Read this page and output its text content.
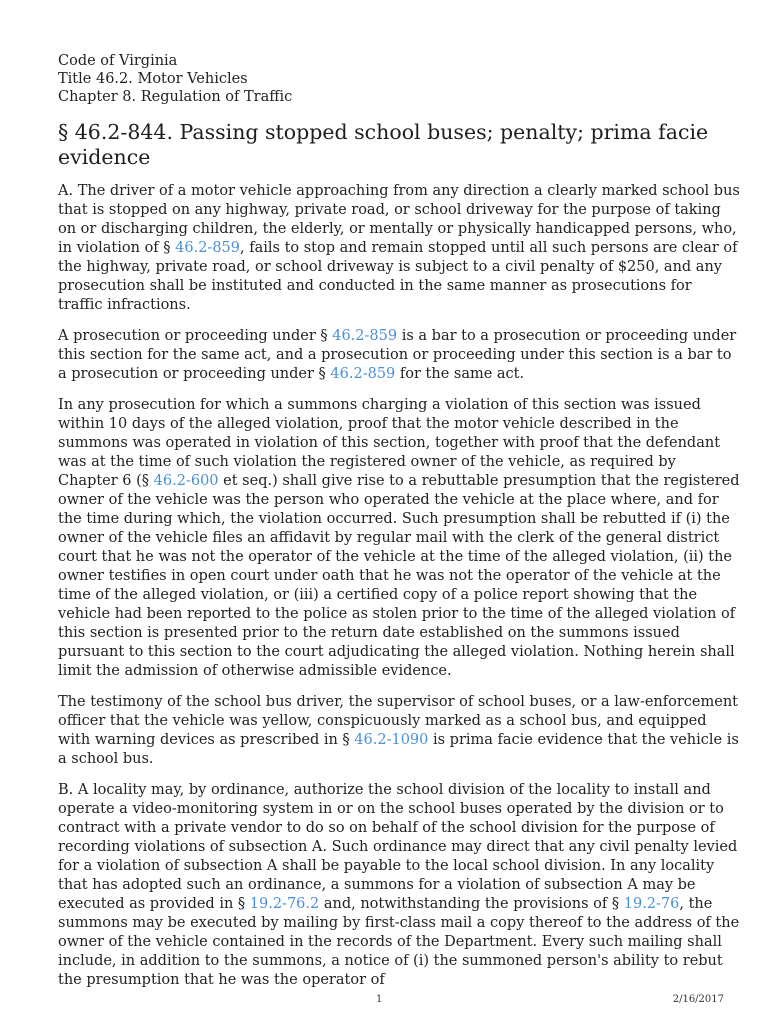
Code of Virginia

Title 46.2. Motor Vehicles

Chapter 8. Regulation of Traffic

§ 46.2-844. Passing stopped school buses; penalty; prima facie evidence

A. The driver of a motor vehicle approaching from any direction a clearly marked school bus that is stopped on any highway, private road, or school driveway for the purpose of taking on or discharging children, the elderly, or mentally or physically handicapped persons, who, in violation of § 46.2-859, fails to stop and remain stopped until all such persons are clear of the highway, private road, or school driveway is subject to a civil penalty of $250, and any prosecution shall be instituted and conducted in the same manner as prosecutions for traffic infractions.

A prosecution or proceeding under § 46.2-859 is a bar to a prosecution or proceeding under this section for the same act, and a prosecution or proceeding under this section is a bar to a prosecution or proceeding under § 46.2-859 for the same act.

In any prosecution for which a summons charging a violation of this section was issued within 10 days of the alleged violation, proof that the motor vehicle described in the summons was operated in violation of this section, together with proof that the defendant was at the time of such violation the registered owner of the vehicle, as required by Chapter 6 (§ 46.2-600 et seq.) shall give rise to a rebuttable presumption that the registered owner of the vehicle was the person who operated the vehicle at the place where, and for the time during which, the violation occurred. Such presumption shall be rebutted if (i) the owner of the vehicle files an affidavit by regular mail with the clerk of the general district court that he was not the operator of the vehicle at the time of the alleged violation, (ii) the owner testifies in open court under oath that he was not the operator of the vehicle at the time of the alleged violation, or (iii) a certified copy of a police report showing that the vehicle had been reported to the police as stolen prior to the time of the alleged violation of this section is presented prior to the return date established on the summons issued pursuant to this section to the court adjudicating the alleged violation. Nothing herein shall limit the admission of otherwise admissible evidence.

The testimony of the school bus driver, the supervisor of school buses, or a law-enforcement officer that the vehicle was yellow, conspicuously marked as a school bus, and equipped with warning devices as prescribed in § 46.2-1090 is prima facie evidence that the vehicle is a school bus.

B. A locality may, by ordinance, authorize the school division of the locality to install and operate a video-monitoring system in or on the school buses operated by the division or to contract with a private vendor to do so on behalf of the school division for the purpose of recording violations of subsection A. Such ordinance may direct that any civil penalty levied for a violation of subsection A shall be payable to the local school division. In any locality that has adopted such an ordinance, a summons for a violation of subsection A may be executed as provided in § 19.2-76.2 and, notwithstanding the provisions of § 19.2-76, the summons may be executed by mailing by first-class mail a copy thereof to the address of the owner of the vehicle contained in the records of the Department. Every such mailing shall include, in addition to the summons, a notice of (i) the summoned person's ability to rebut the presumption that he was the operator of

1	2/16/2017
